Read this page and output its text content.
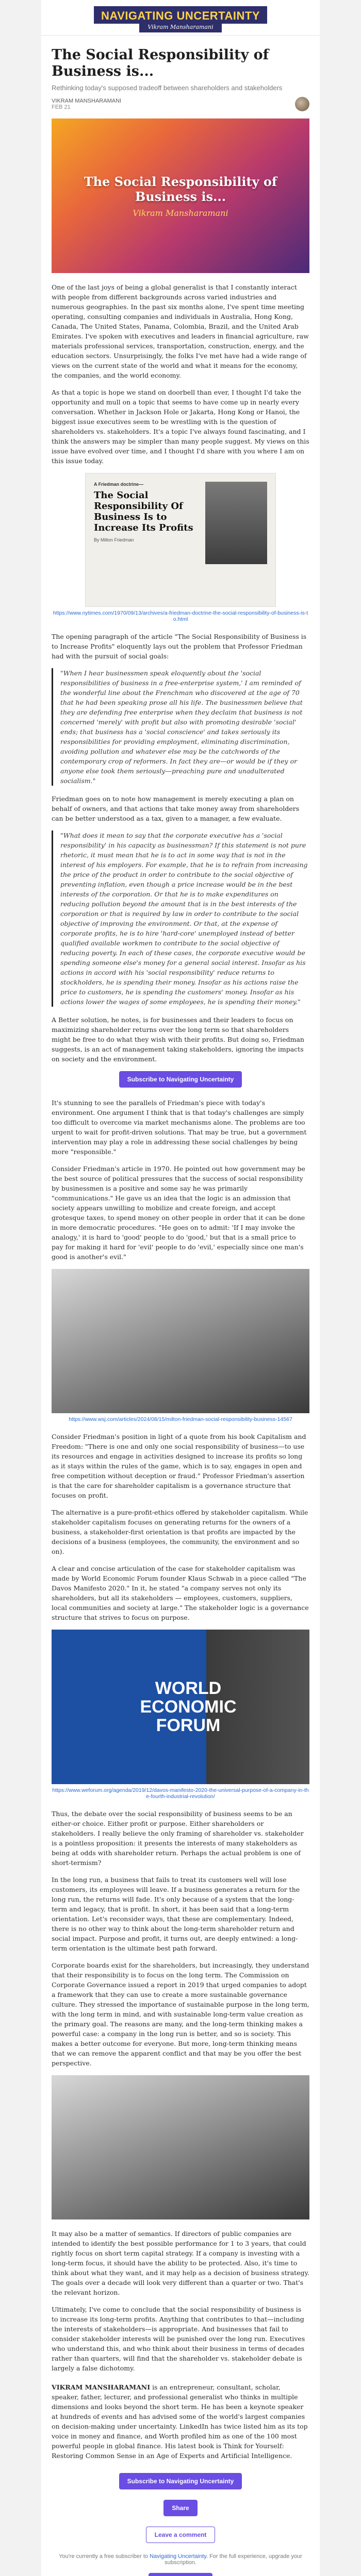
NAVIGATING UNCERTAINTY
Vikram Mansharamani
The Social Responsibility of Business is...
Rethinking today's supposed tradeoff between shareholders and stakeholders
VIKRAM MANSHARAMANI
FEB 21
The Social Responsibility of Business is...
Vikram Mansharamani

One of the last joys of being a global generalist is that I constantly interact with people from different backgrounds across varied industries and numerous geographies. In the past six months alone, I've spent time meeting operating, consulting companies and individuals in Australia, Hong Kong, Canada, The United States, Panama, Colombia, Brazil, and the United Arab Emirates. I've spoken with executives and leaders in financial agriculture, raw materials professional services, transportation, construction, energy, and the education sectors. Unsurprisingly, the folks I've met have had a wide range of views on the current state of the world and what it means for the economy, the companies, and the world economy.

As that a topic is hope we stand on doorbell than ever, I thought I'd take the opportunity and mull on a topic that seems to have come up in nearly every conversation. Whether in Jackson Hole or Jakarta, Hong Kong or Hanoi, the biggest issue executives seem to be wrestling with is the question of shareholders vs. stakeholders. It's a topic I've always found fascinating, and I think the answers may be simpler than many people suggest. My views on this issue have evolved over time, and I thought I'd share with you where I am on this issue today.

A Friedman doctrine—
The Social Responsibility Of Business Is to Increase Its Profits
By Milton Friedman
https://www.nytimes.com/1970/09/13/archives/a-friedman-doctrine-the-social-responsibility-of-business-is-to.html

The opening paragraph of the article "The Social Responsibility of Business is to Increase Profits" eloquently lays out the problem that Professor Friedman had with the pursuit of social goals:

"When I hear businessmen speak eloquently about the 'social responsibilities of business in a free-enterprise system,' I am reminded of the wonderful line about the Frenchman who discovered at the age of 70 that he had been speaking prose all his life. The businessmen believe that they are defending free enterprise when they declaim that business is not concerned 'merely' with profit but also with promoting desirable 'social' ends; that business has a 'social conscience' and takes seriously its responsibilities for providing employment, eliminating discrimination, avoiding pollution and whatever else may be the catchwords of the contemporary crop of reformers. In fact they are—or would be if they or anyone else took them seriously—preaching pure and unadulterated socialism."

Friedman goes on to note how management is merely executing a plan on behalf of owners, and that actions that take money away from shareholders can be better understood as a tax, given to a manager, a few evaluate.

"What does it mean to say that the corporate executive has a 'social responsibility' in his capacity as businessman? If this statement is not pure rhetoric, it must mean that he is to act in some way that is not in the interest of his employers. For example, that he is to refrain from increasing the price of the product in order to contribute to the social objective of preventing inflation, even though a price increase would be in the best interests of the corporation. Or that he is to make expenditures on reducing pollution beyond the amount that is in the best interests of the corporation or that is required by law in order to contribute to the social objective of improving the environment. Or that, at the expense of corporate profits, he is to hire 'hard-core' unemployed instead of better qualified available workmen to contribute to the social objective of reducing poverty. In each of these cases, the corporate executive would be spending someone else's money for a general social interest. Insofar as his actions in accord with his 'social responsibility' reduce returns to stockholders, he is spending their money. Insofar as his actions raise the price to customers, he is spending the customers' money. Insofar as his actions lower the wages of some employees, he is spending their money."

A Better solution, he notes, is for businesses and their leaders to focus on maximizing shareholder returns over the long term so that shareholders might be free to do what they wish with their profits. But doing so, Friedman suggests, is an act of management taking stakeholders, ignoring the impacts on society and the environment.

Subscribe to Navigating Uncertainty

It's stunning to see the parallels of Friedman's piece with today's environment. One argument I think that is that today's challenges are simply too difficult to overcome via market mechanisms alone. The problems are too urgent to wait for profit-driven solutions. That may be true, but a government intervention may play a role in addressing these social challenges by being more "responsible."

Consider Friedman's article in 1970. He pointed out how government may be the best source of political pressures that the success of social responsibility by businessmen is a positive and some say he was primarily "communications." He gave us an idea that the logic is an admission that society appears unwilling to mobilize and create foreign, and accept grotesque taxes, to spend money on other people in order that it can be done in more democratic procedures. "He goes on to admit: 'If I may invoke the analogy,' it is hard to 'good' people to do 'good,' but that is a small price to pay for making it hard for 'evil' people to do 'evil,' especially since one man's good is another's evil."

https://www.wsj.com/articles/2024/08/15/milton-friedman-social-responsibility-business-14567

Consider Friedman's position in light of a quote from his book Capitalism and Freedom: "There is one and only one social responsibility of business—to use its resources and engage in activities designed to increase its profits so long as it stays within the rules of the game, which is to say, engages in open and free competition without deception or fraud." Professor Friedman's assertion is that the care for shareholder capitalism is a governance structure that focuses on profit.

The alternative is a pure-profit-ethics offered by stakeholder capitalism. While stakeholder capitalism focuses on generating returns for the owners of a business, a stakeholder-first orientation is that profits are impacted by the decisions of a business (employees, the community, the environment and so on).

A clear and concise articulation of the case for stakeholder capitalism was made by World Economic Forum founder Klaus Schwab in a piece called "The Davos Manifesto 2020." In it, he stated "a company serves not only its shareholders, but all its stakeholders — employees, customers, suppliers, local communities and society at large." The stakeholder logic is a governance structure that strives to focus on purpose.

WORLD
ECONOMIC
FORUM
https://www.weforum.org/agenda/2019/12/davos-manifesto-2020-the-universal-purpose-of-a-company-in-the-fourth-industrial-revolution/

Thus, the debate over the social responsibility of business seems to be an either-or choice. Either profit or purpose. Either shareholders or stakeholders. I really believe the only framing of shareholder vs. stakeholder is a pointless proposition: it presents the interests of many stakeholders as being at odds with shareholder return. Perhaps the actual problem is one of short-termism?

In the long run, a business that fails to treat its customers well will lose customers, its employees will leave. If a business generates a return for the long run, the returns will fade. It's only because of a system that the long-term and legacy, that is profit. In short, it has been said that a long-term orientation. Let's reconsider ways, that these are complementary. Indeed, there is no other way to think about the long-term shareholder return and social impact. Purpose and profit, it turns out, are deeply entwined: a long-term orientation is the ultimate best path forward.

Corporate boards exist for the shareholders, but increasingly, they understand that their responsibility is to focus on the long term. The Commission on Corporate Governance issued a report in 2019 that urged companies to adopt a framework that they can use to create a more sustainable governance culture. They stressed the importance of sustainable purpose in the long term, with the long term in mind, and with sustainable long-term value creation as the primary goal. The reasons are many, and the long-term thinking makes a powerful case: a company in the long run is better, and so is society. This makes a better outcome for everyone. But more, long-term thinking means that we can remove the apparent conflict and that may be you offer the best perspective.

It may also be a matter of semantics. If directors of public companies are intended to identify the best possible performance for 1 to 3 years, that could rightly focus on short term capital strategy. If a company is investing with a long-term focus, it should have the ability to be protected. Also, it's time to think about what they want, and it may help as a decision of business strategy. The goals over a decade will look very different than a quarter or two. That's the relevant horizon.

Ultimately, I've come to conclude that the social responsibility of business is to increase its long-term profits. Anything that contributes to that—including the interests of stakeholders—is appropriate. And businesses that fail to consider stakeholder interests will be punished over the long run. Executives who understand this, and who think about their business in terms of decades rather than quarters, will find that the shareholder vs. stakeholder debate is largely a false dichotomy.

VIKRAM MANSHARAMANI is an entrepreneur, consultant, scholar, speaker, father, lecturer, and professional generalist who thinks in multiple dimensions and looks beyond the short term. He has been a keynote speaker at hundreds of events and has advised some of the world's largest companies on decision-making under uncertainty. LinkedIn has twice listed him as its top voice in money and finance, and Worth profiled him as one of the 100 most powerful people in global finance. His latest book is Think for Yourself: Restoring Common Sense in an Age of Experts and Artificial Intelligence.
Subscribe to Navigating Uncertainty
Share
Leave a comment
You're currently a free subscriber to Navigating Uncertainty. For the full experience, upgrade your subscription.
